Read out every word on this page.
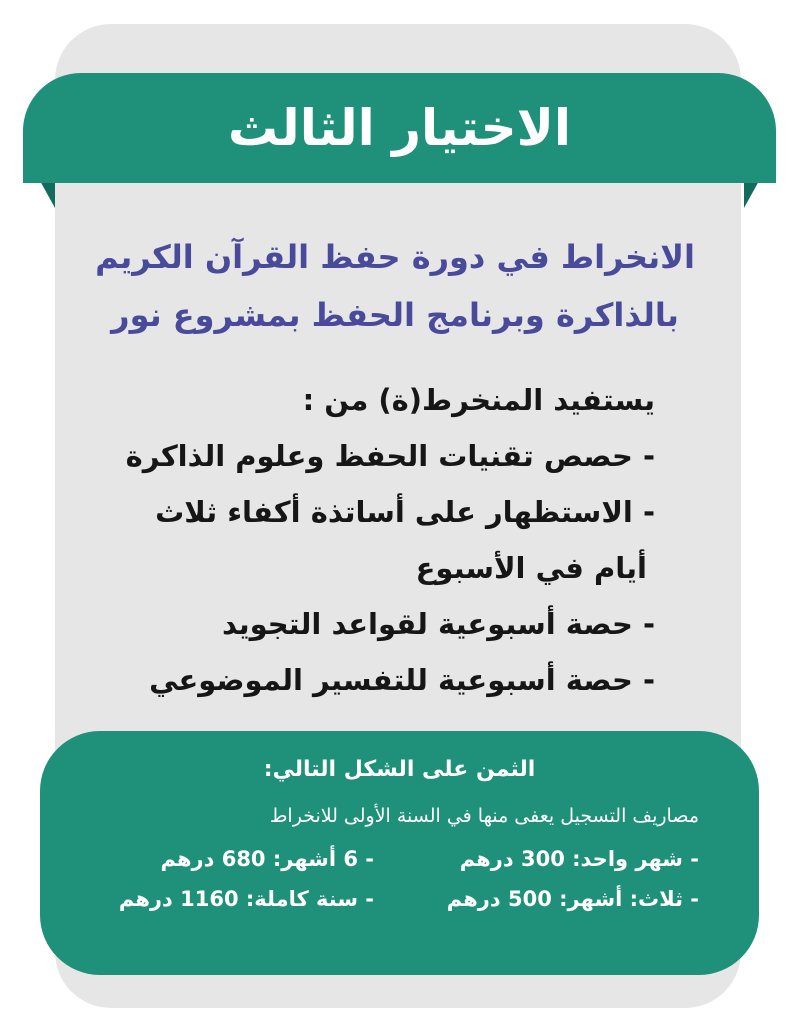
الاختيار الثالث
الانخراط في دورة حفظ القرآن الكريم
بالذاكرة وبرنامج الحفظ بمشروع نور
يستفيد المنخرط(ة) من :
- حصص تقنيات الحفظ وعلوم الذاكرة
- الاستظهار على أساتذة أكفاء ثلاث
أيام في الأسبوع
- حصة أسبوعية لقواعد التجويد
- حصة أسبوعية للتفسير الموضوعي
الثمن على الشكل التالي:
مصاريف التسجيل يعفى منها في السنة الأولى للانخراط
- شهر واحد: 300 درهم
- 6 أشهر: 680 درهم
- ثلاث: أشهر: 500 درهم
- سنة كاملة: 1160 درهم
